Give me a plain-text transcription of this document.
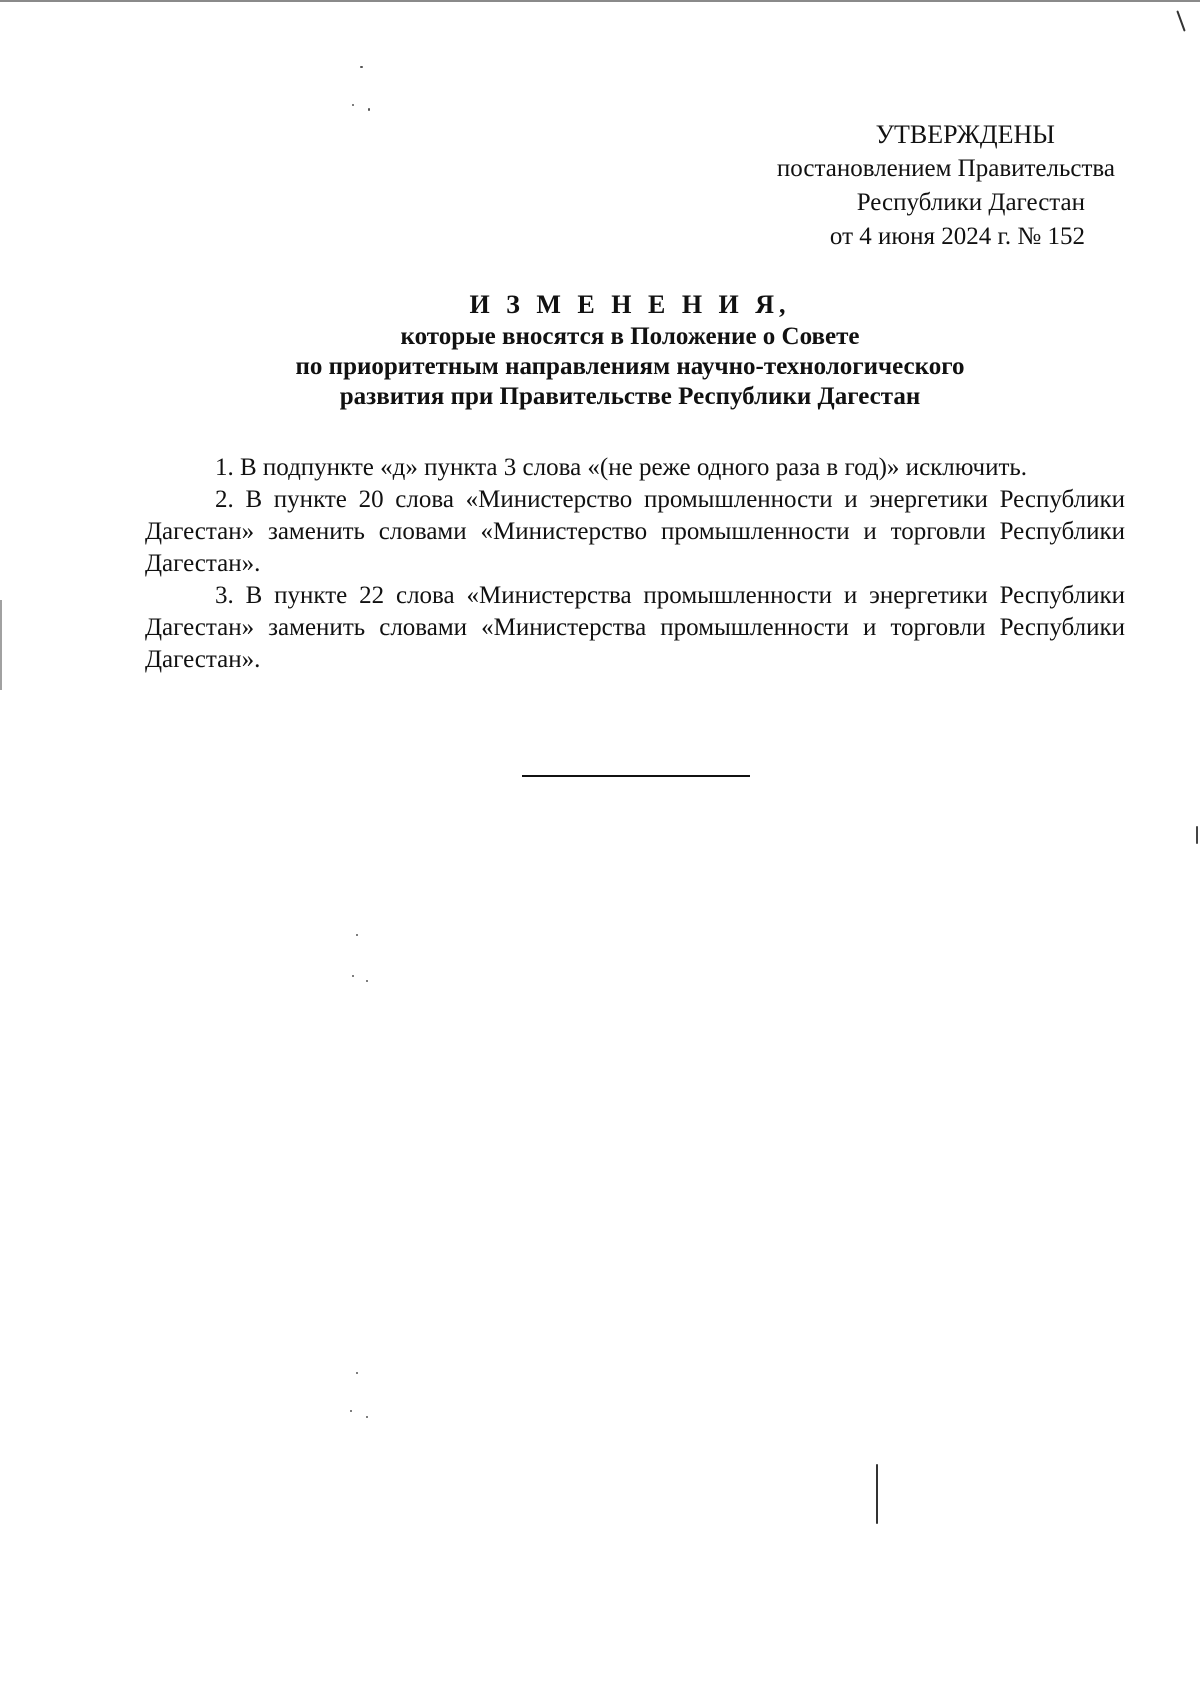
УТВЕРЖДЕНЫ
постановлением Правительства
Республики Дагестан
от 4 июня 2024 г. № 152
И З М Е Н Е Н И Я,
которые вносятся в Положение о Совете
по приоритетным направлениям научно-технологического
развития при Правительстве Республики Дагестан

1. В подпункте «д» пункта 3 слова «(не реже одного раза в год)» исключить.

2. В пункте 20 слова «Министерство промышленности и энергетики Республики Дагестан» заменить словами «Министерство промышленности и торговли Республики Дагестан».

3. В пункте 22 слова «Министерства промышленности и энергетики Республики Дагестан» заменить словами «Министерства промышленности и торговли Республики Дагестан».
